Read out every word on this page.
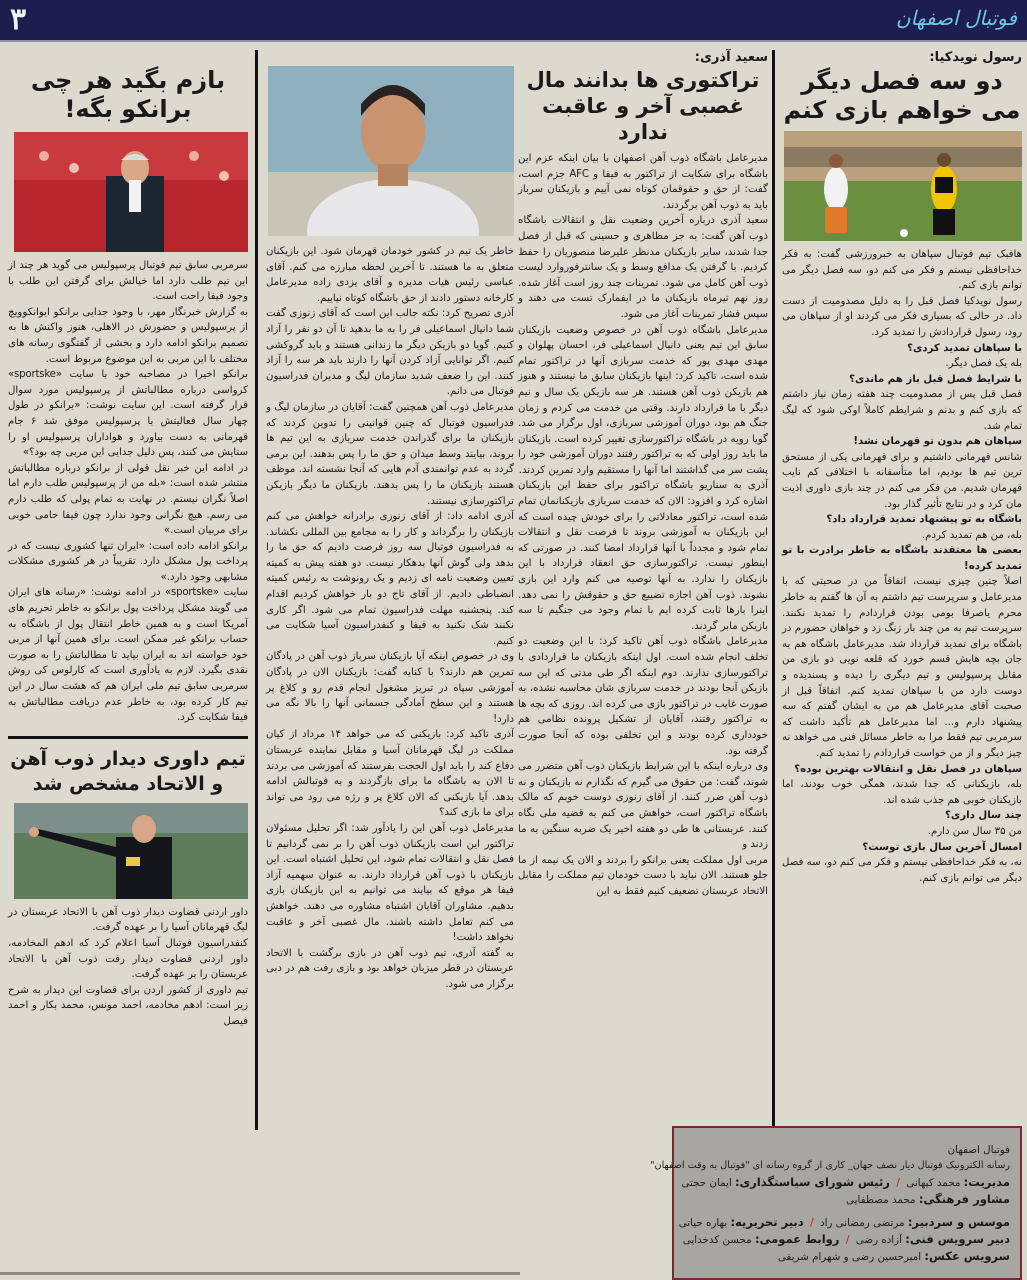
۳	فوتبال اصفهان
رسول نویدکیا:
دو سه فصل دیگر
می خواهم بازی کنم

هافبک تیم فوتبال سپاهان به خبرورزشی گفت: به فکر خداحافظی نیستم و فکر می کنم دو، سه فصل دیگر می توانم بازی کنم.

رسول نویدکیا فصل قبل را به دلیل مصدومیت از دست داد. در حالی که بسیاری فکر می کردند او از سپاهان می رود، رسول قراردادش را تمدید کرد.

با سپاهان تمدید کردی؟

بله یک فصل دیگر.

با شرایط فصل قبل باز هم ماندی؟

فصل قبل پس از مصدومیت چند هفته زمان نیاز داشتم که بازی کنم و بدنم و شرایطم کاملاً اوکی شود که لیگ تمام شد.

سپاهان هم بدون تو قهرمان نشد!

شانس قهرمانی داشتیم و برای قهرمانی یکی از مستحق ترین تیم ها بودیم، اما متأسفانه با اختلافی کم نایب قهرمان شدیم. من فکر می کنم در چند بازی داوری اذیت مان کرد و در نتایج تأثیر گذار بود.

باشگاه به تو پیشنهاد تمدید قرارداد داد؟

بله، من هم تمدید کردم.

بعضی ها معتقدند باشگاه به خاطر برادرت با تو تمدید کرده!

اصلاً چنین چیزی نیست، اتفاقاً من در صحبتی که با مدیرعامل و سرپرست تیم داشتم به آن ها گفتم به خاطر محرم یاصرفا بومی بودن قراردادم را تمدید نکنند. سرپرست تیم به من چند بار زنگ زد و خواهان حضورم در باشگاه برای تمدید قرارداد شد. مدیرعامل باشگاه هم به جان بچه هایش قسم خورد که قلعه نویی دو بازی من مقابل پرسپولیس و تیم دیگری را دیده و پسندیده و دوست دارد من با سپاهان تمدید کنم. اتفاقاً قبل از صحبت آقای مدیرعامل هم من به ایشان گفتم که سه پیشنهاد دارم و... اما مدیرعامل هم تأکید داشت که سرمربی تیم فقط مرا به خاطر مسائل فنی می خواهد نه چیز دیگر و از من خواست قراردادم را تمدید کنم.

سپاهان در فصل نقل و انتقالات بهترین بوده؟

بله، بازیکنانی که جدا شدند، همگی خوب بودند، اما بازیکنان خوبی هم جذب شده اند.

چند سال داری؟

من ۳۵ سال سن دارم.

امسال آخرین سال بازی توست؟

نه، به فکر خداحافظی نیستم و فکر می کنم دو، سه فصل دیگر می توانم بازی کنم.

سعید آذری:
تراکتوری ها بدانند مال
غصبی آخر و عاقبت ندارد

مدیرعامل باشگاه ذوب آهن اصفهان با بیان اینکه عزم این باشگاه برای شکایت از تراکتور به فیفا و AFC جزم است، گفت: از حق و حقوقمان کوتاه نمی آییم و بازیکنان سرباز باید به ذوب آهن برگردند.

سعید آذری درباره آخرین وضعیت نقل و انتقالات باشگاه ذوب آهن گفت: به جز مظاهری و حسینی که قبل از فصل جدا شدند، سایر بازیکنان مدنظر علیرضا منصوریان را حفظ کردیم. با گرفتن یک مدافع وسط و یک سانترفوروارد لیست ذوب آهن کامل می شود. تمرینات چند روز است آغاز شده. روز نهم تیرماه بازیکنان ما در ایفمارک تست می دهند و سپس فشار تمرینات آغاز می شود.

مدیرعامل باشگاه ذوب آهن در خصوص وضعیت بازیکنان سابق این تیم یعنی دانیال اسماعیلی فر، احسان پهلوان و مهدی مهدی پور که خدمت سربازی آنها در تراکتور تمام شده است، تاکید کرد: اینها بازیکنان سابق ما نیستند و هنوز هم بازیکن ذوب آهن هستند. هر سه بازیکن یک سال و نیم دیگر با ما قرارداد دارند. وقتی من خدمت می کردم و زمان جنگ هم بود، دوران آموزشی سربازی، اول برگزار می شد. گویا رویه در باشگاه تراکتورسازی تغییر کرده است. بازیکنان ما باید روز اولی که به تراکتور رفتند دوران آموزشی خود را پشت سر می گذاشتند اما آنها را مستقیم وارد تمرین کردند.

آذری به سناریو باشگاه تراکتور برای حفظ این بازیکنان اشاره کرد و افزود: الان که خدمت سربازی بازیکنانمان تمام شده است، تراکتور معادلاتی را برای خودش چیده است که این بازیکنان به آموزشی بروند تا فرصت نقل و انتقالات تمام شود و مجدداً با آنها قرارداد امضا کنند. در صورتی که اینطور نیست. تراکتورسازی حق انعقاد قرارداد با این بازیکنان را ندارد. به آنها توصیه می کنم وارد این بازی نشوند. ذوب آهن اجازه تضییع حق و حقوقش را نمی دهد. اینرا بارها ثابت کرده ایم با تمام وجود می جنگیم تا سه بازیکن مابر گردند.

مدیرعامل باشگاه ذوب آهن تاکید کرد: با این وضعیت دو تخلف انجام شده است. اول اینکه بازیکنان ما قراردادی با تراکتورسازی ندارند. دوم اینکه اگر طی مدتی که این سه بازیکن آنجا بودند در خدمت سربازی شان محاسبه نشده، به صورت غایب در تراکتور بازی می کرده اند. روزی که بچه ها به تراکتور رفتند، آقایان از تشکیل پرونده نظامی هم خودداری کرده بودند و این تخلفی بوده که آنجا صورت گرفته بود.

وی درباره اینکه با این شرایط بازیکنان ذوب آهن متضرر می شوند، گفت: من حقوق می گیرم که نگذارم نه بازیکنان و نه ذوب آهن ضرر کنند. از آقای زنوزی دوست خوبم که مالک باشگاه تراکتور است، خواهش می کنم به قضیه ملی نگاه کنند. عربستانی ها طی دو هفته اخیر یک ضربه سنگین به ما زدند و

مربی اول مملکت یعنی برانکو را بردند و الان یک نیمه از ما جلو هستند. الان نباید با دست خودمان تیم مملکت را مقابل الاتحاد عربستان تضعیف کنیم فقط به این

خاطر یک تیم در کشور خودمان قهرمان شود. این بازیکنان متعلق به ما هستند. تا آخرین لحظه مبارزه می کنم. آقای عباسی رئیس هیات مدیره و آقای یزدی زاده مدیرعامل کارخانه دستور دادند از حق باشگاه کوتاه نیاییم.

آذری تصریح کرد: نکته جالب این است که آقای زنوزی گفت شما دانیال اسماعیلی فر را به ما بدهید تا آن دو نفر را آزاد کنیم. گویا دو بازیکن دیگر ما زندانی هستند و باید گروکشی کنیم. اگر توانایی آزاد کردن آنها را دارند باید هر سه را آزاد کنند. این را ضعف شدید سازمان لیگ و مدیران فدراسیون فوتبال می دانم.

مدیرعامل ذوب آهن همچنین گفت: آقایان در سازمان لیگ و فدراسیون فوتبال که چنین قوانینی را تدوین کردند که بازیکنان ما برای گذراندن خدمت سربازی به این تیم ها بروند، بیایند وسط میدان و حق ما را پس بدهند. این برمی گردد به عدم توانمندی آدم هایی که آنجا نشسته اند. موظف هستند بازیکنان ما را پس بدهند. بازیکنان ما دیگر بازیکن تراکتورسازی نیستند.

آذری ادامه داد: از آقای زنوزی برادرانه خواهش می کنم بازیکنان را برگرداند و کار را به مجامع بین المللی نکشاند. به فدراسیون فوتبال سه روز فرصت دادیم که حق ما را بدهد ولی گوش آنها بدهکار نیست. دو هفته پیش به کمیته تعیین وضعیت نامه ای زدیم و یک رونوشت به رئیس کمیته انضباطی دادیم. از آقای تاج دو بار خواهش کردیم اقدام کند. پنجشنبه مهلت فدراسیون تمام می شود. اگر کاری نکنند شک نکنید به فیفا و کنفدراسیون آسیا شکایت می کنیم.

وی در خصوص اینکه آیا بازیکنان سرباز ذوب آهن در پادگان تمرین هم دارند؟ با کنایه گفت: بازیکنان الان در پادگان آموزشی سپاه در تبریز مشغول انجام قدم رو و کلاغ پر هستند و این سطح آمادگی جسمانی آنها را بالا نگه می دارد!

آذری تاکید کرد: بازیکنی که می خواهد ۱۴ مرداد از کیان مملکت در لیگ قهرمانان آسیا و مقابل نماینده عربستان دفاع کند را باید اول الحجت بفرستند که آموزشی می بردند تا الان به باشگاه ما برای بازگردند و به فوتبالش ادامه بدهد. آیا بازیکنی که الان کلاغ پر و رژه می رود می تواند برای ما بازی کند؟

مدیرعامل ذوب آهن این را یادآور شد: اگر تحلیل مسئولان تراکتور این است بازیکنان ذوب آهن را بر نمی گردانیم تا فصل نقل و انتقالات تمام شود، این تحلیل اشتباه است. این بازیکنان با ذوب آهن قرارداد دارند. به عنوان سهمیه آزاد فیفا هر موقع که بیایند می توانیم به این بازیکنان بازی بدهیم. مشاوران آقایان اشتباه مشاوره می دهند. خواهش می کنم تعامل داشته باشند. مال غصبی آخر و عاقبت نخواهد داشت!

به گفته آذری، تیم ذوب آهن در بازی برگشت با الاتحاد عربستان در قطر میزبان خواهد بود و بازی رفت هم در دبی برگزار می شود.

بازم بگید هر چی
برانکو بگه!

سرمربی سابق تیم فوتبال پرسپولیس می گوید هر چند از این تیم طلب دارد اما خیالش برای گرفتن این طلب با وجود فیفا راحت است.

به گزارش خبرنگار مهر، با وجود جدایی برانکو ایوانکوویچ از پرسپولیس و حضورش در الاهلی، هنوز واکنش ها به تصمیم برانکو ادامه دارد و بخشی از گفتگوی رسانه های مختلف با این مربی به این موضوع مربوط است.

برانکو اخیرا در مصاحبه خود با سایت «sportske» کرواسی درباره مطالباتش از پرسپولیس مورد سوال قرار گرفته است. این سایت نوشت: «برانکو در طول چهار سال فعالیتش با پرسپولیس موفق شد ۶ جام قهرمانی به دست بیاورد و هواداران پرسپولیس او را ستایش می کنند، پس دلیل جدایی این مربی چه بود؟»

در ادامه این خبر نقل قولی از برانکو درباره مطالباتش منتشر شده است: «بله من از پرسپولیس طلب دارم اما اصلاً نگران نیستم. در نهایت به تمام پولی که طلب دارم می رسم. هیچ نگرانی وجود ندارد چون فیفا حامی خوبی برای مربیان است.»

برانکو ادامه داده است: «ایران تنها کشوری نیست که در پرداخت پول مشکل دارد. تقریباً در هر کشوری مشکلات مشابهی وجود دارد.»

سایت «sportske» در ادامه نوشت: «رسانه های ایران می گویند مشکل پرداخت پول برانکو به خاطر تحریم های آمریکا است و به همین خاطر انتقال پول از باشگاه به حساب برانکو غیر ممکن است. برای همین آنها از مربی خود خواسته اند به ایران بیاید تا مطالباتش را به صورت نقدی بگیرد. لازم به یادآوری است که کارلوس کی روش سرمربی سابق تیم ملی ایران هم که هشت سال در این تیم کار کرده بود، به خاطر عدم دریافت مطالباتش به فیفا شکایت کرد.

تیم داوری دیدار ذوب آهن
و الاتحاد مشخص شد

داور اردنی قضاوت دیدار ذوب آهن با الاتحاد عربستان در لیگ قهرمانان آسیا را بر عهده گرفت.

کنفدراسیون فوتبال آسیا اعلام کرد که ادهم المخادمه، داور اردنی قضاوت دیدار رفت ذوب آهن با الاتحاد عربستان را بر عهده گرفت.

تیم داوری از کشور اردن برای قضاوت این دیدار به شرح زیر است: ادهم مخادمه، احمد مونس، محمد بکار و احمد فیصل

فوتبال اصفهان
رسانه الکترونیک فوتبال دیار نصف جهان_ کاری از گروه رسانه ای "فوتبال به وقت اصفهان"
مدیریت: محمد کیهانی / رئیس شورای سیاستگذاری: ایمان حجتی
مشاور فرهنگی: محمد مصطفایی
موسس و سردبیر: مرتضی رمضانی راد / دبیر تحریریه: بهاره حیاتی
دبیر سرویس فنی: آزاده رضی / روابط عمومی: محسن کدخدایی
سرویس عکس: امیرحسین رضی و شهرام شریفی
